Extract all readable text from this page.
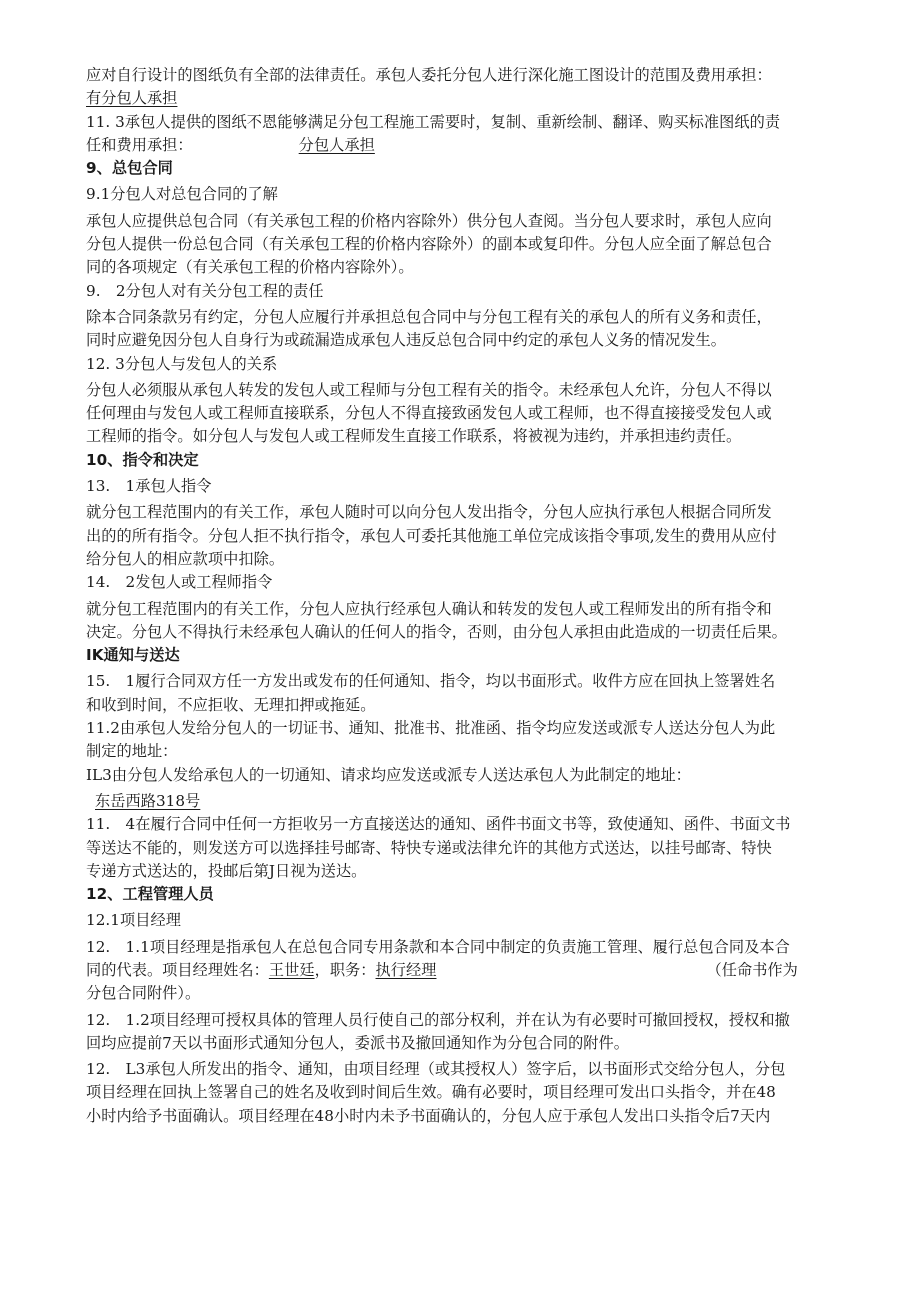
应对自行设计的图纸负有全部的法律责任。承包人委托分包人进行深化施工图设计的范围及费用承担：
有分包人承担
11. 3承包人提供的图纸不恩能够满足分包工程施工需要时，复制、重新绘制、翻译、购买标准图纸的责
任和费用承担：	分包人承担
9、总包合同
9.1分包人对总包合同的了解
承包人应提供总包合同（有关承包工程的价格内容除外）供分包人查阅。当分包人要求时，承包人应向
分包人提供一份总包合同（有关承包工程的价格内容除外）的副本或复印件。分包人应全面了解总包合
同的各项规定（有关承包工程的价格内容除外）。
9.　2分包人对有关分包工程的责任
除本合同条款另有约定，分包人应履行并承担总包合同中与分包工程有关的承包人的所有义务和责任，
同时应避免因分包人自身行为或疏漏造成承包人违反总包合同中约定的承包人义务的情况发生。
12. 3分包人与发包人的关系
分包人必须服从承包人转发的发包人或工程师与分包工程有关的指令。未经承包人允许，分包人不得以
任何理由与发包人或工程师直接联系，分包人不得直接致函发包人或工程师，也不得直接接受发包人或
工程师的指令。如分包人与发包人或工程师发生直接工作联系，将被视为违约，并承担违约责任。
10、指令和决定
13.　1承包人指令
就分包工程范围内的有关工作，承包人随时可以向分包人发出指令，分包人应执行承包人根据合同所发
出的的所有指令。分包人拒不执行指令，承包人可委托其他施工单位完成该指令事项,发生的费用从应付
给分包人的相应款项中扣除。
14.　2发包人或工程师指令
就分包工程范围内的有关工作，分包人应执行经承包人确认和转发的发包人或工程师发出的所有指令和
决定。分包人不得执行未经承包人确认的任何人的指令，否则，由分包人承担由此造成的一切责任后果。
IK通知与送达
15.　1履行合同双方任一方发出或发布的任何通知、指令，均以书面形式。收件方应在回执上签署姓名
和收到时间，不应拒收、无理扣押或拖延。
11.2由承包人发给分包人的一切证书、通知、批准书、批准函、指令均应发送或派专人送达分包人为此
制定的地址：
IL3由分包人发给承包人的一切通知、请求均应发送或派专人送达承包人为此制定的地址：
东岳西路318号
11.　4在履行合同中任何一方拒收另一方直接送达的通知、函件书面文书等，致使通知、函件、书面文书
等送达不能的，则发送方可以选择挂号邮寄、特快专递或法律允许的其他方式送达，以挂号邮寄、特快
专递方式送达的，投邮后第J日视为送达。
12、工程管理人员
12.1项目经理
12.　1.1项目经理是指承包人在总包合同专用条款和本合同中制定的负责施工管理、履行总包合同及本合
同的代表。项目经理姓名：王世廷，职务：执行经理	（任命书作为
分包合同附件）。
12.　1.2项目经理可授权具体的管理人员行使自己的部分权利，并在认为有必要时可撤回授权，授权和撤
回均应提前7天以书面形式通知分包人，委派书及撤回通知作为分包合同的附件。
12.　L3承包人所发出的指令、通知，由项目经理（或其授权人）签字后，以书面形式交给分包人，分包
项目经理在回执上签署自己的姓名及收到时间后生效。确有必要时，项目经理可发出口头指令，并在48
小时内给予书面确认。项目经理在48小时内未予书面确认的，分包人应于承包人发出口头指令后7天内
